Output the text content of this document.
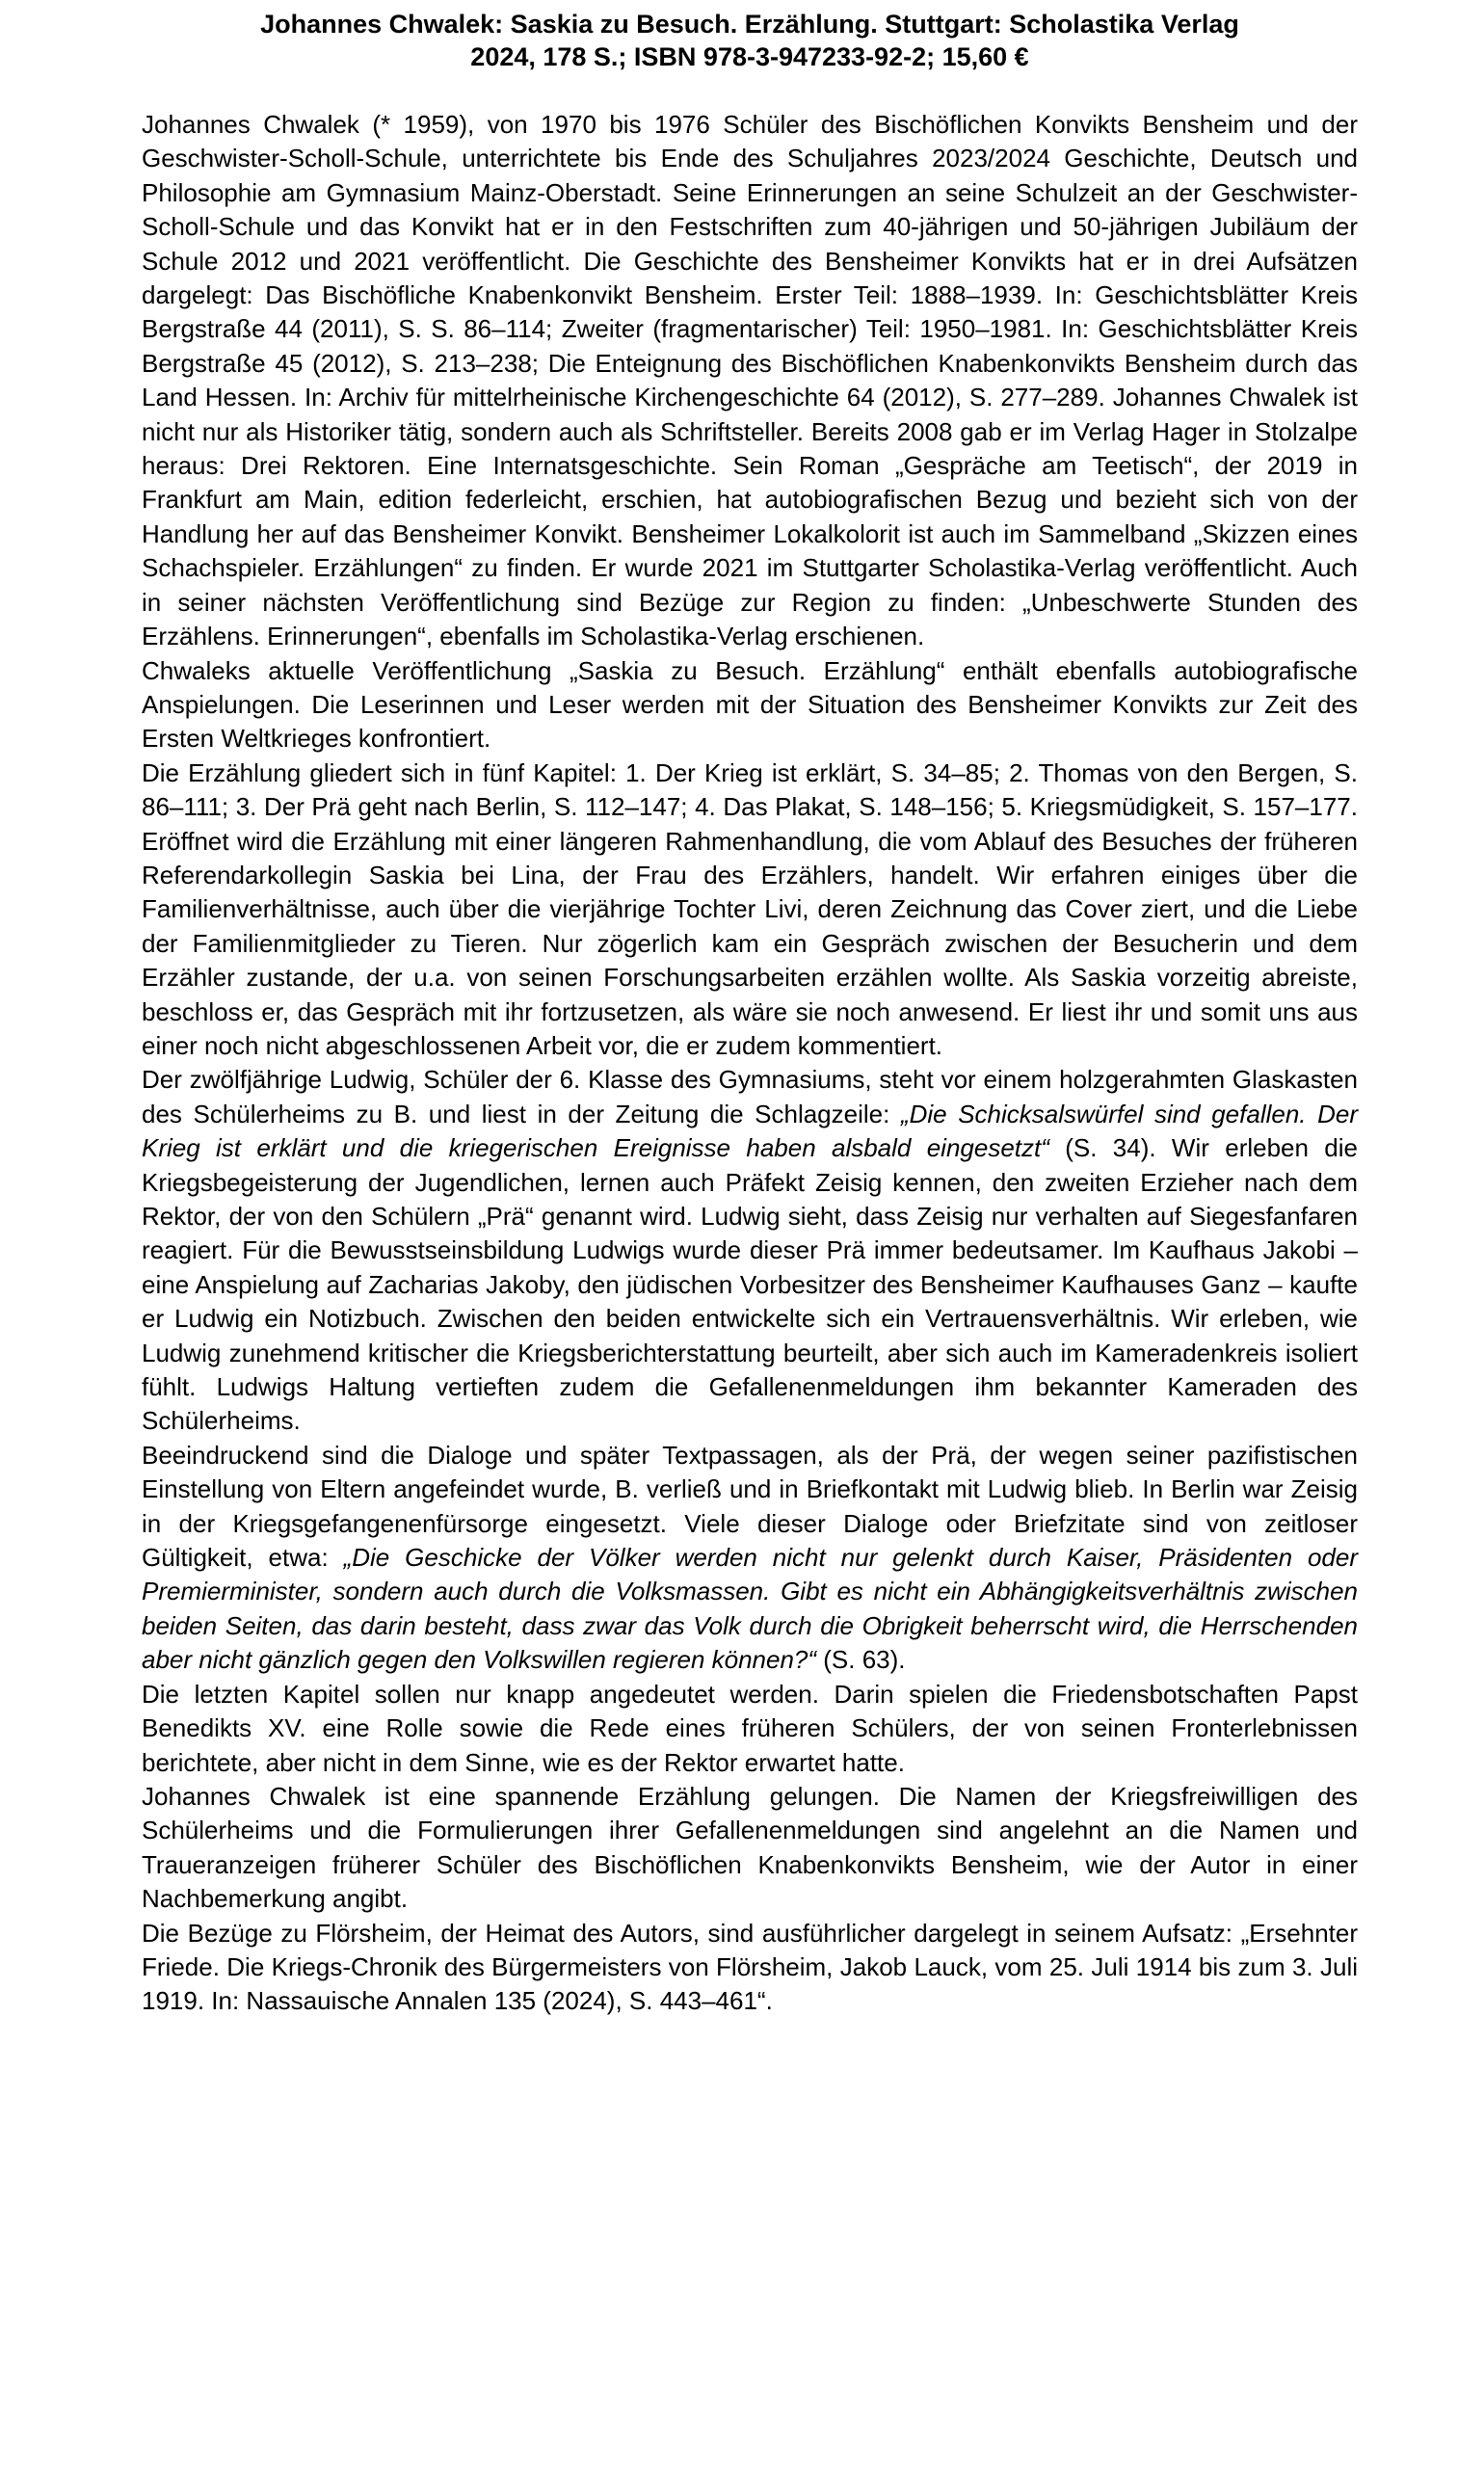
Johannes Chwalek: Saskia zu Besuch. Erzählung. Stuttgart: Scholastika Verlag
2024, 178 S.; ISBN 978-3-947233-92-2; 15,60 €

Johannes Chwalek (* 1959), von 1970 bis 1976 Schüler des Bischöflichen Konvikts Bensheim und der Geschwister-Scholl-Schule, unterrichtete bis Ende des Schuljahres 2023/2024 Geschichte, Deutsch und Philosophie am Gymnasium Mainz-Oberstadt. Seine Erinnerungen an seine Schulzeit an der Geschwister-Scholl-Schule und das Konvikt hat er in den Festschriften zum 40-jährigen und 50-jährigen Jubiläum der Schule 2012 und 2021 veröffentlicht. Die Geschichte des Bensheimer Konvikts hat er in drei Aufsätzen dargelegt: Das Bischöfliche Knabenkonvikt Bensheim. Erster Teil: 1888–1939. In: Geschichtsblätter Kreis Bergstraße 44 (2011), S. S. 86–114; Zweiter (fragmentarischer) Teil: 1950–1981. In: Geschichtsblätter Kreis Bergstraße 45 (2012), S. 213–238; Die Enteignung des Bischöflichen Knabenkonvikts Bensheim durch das Land Hessen. In: Archiv für mittelrheinische Kirchengeschichte 64 (2012), S. 277–289. Johannes Chwalek ist nicht nur als Historiker tätig, sondern auch als Schriftsteller. Bereits 2008 gab er im Verlag Hager in Stolzalpe heraus: Drei Rektoren. Eine Internatsgeschichte. Sein Roman „Gespräche am Teetisch“, der 2019 in Frankfurt am Main, edition federleicht, erschien, hat autobiografischen Bezug und bezieht sich von der Handlung her auf das Bensheimer Konvikt. Bensheimer Lokalkolorit ist auch im Sammelband „Skizzen eines Schachspieler. Erzählungen“ zu finden. Er wurde 2021 im Stuttgarter Scholastika-Verlag veröffentlicht. Auch in seiner nächsten Veröffentlichung sind Bezüge zur Region zu finden: „Unbeschwerte Stunden des Erzählens. Erinnerungen“, ebenfalls im Scholastika-Verlag erschienen.

Chwaleks aktuelle Veröffentlichung „Saskia zu Besuch. Erzählung“ enthält ebenfalls autobiografische Anspielungen. Die Leserinnen und Leser werden mit der Situation des Bensheimer Konvikts zur Zeit des Ersten Weltkrieges konfrontiert.

Die Erzählung gliedert sich in fünf Kapitel: 1. Der Krieg ist erklärt, S. 34–85; 2. Thomas von den Bergen, S. 86–111; 3. Der Prä geht nach Berlin, S. 112–147; 4. Das Plakat, S. 148–156; 5. Kriegsmüdigkeit, S. 157–177. Eröffnet wird die Erzählung mit einer längeren Rahmenhandlung, die vom Ablauf des Besuches der früheren Referendarkollegin Saskia bei Lina, der Frau des Erzählers, handelt. Wir erfahren einiges über die Familienverhältnisse, auch über die vierjährige Tochter Livi, deren Zeichnung das Cover ziert, und die Liebe der Familienmitglieder zu Tieren. Nur zögerlich kam ein Gespräch zwischen der Besucherin und dem Erzähler zustande, der u.a. von seinen Forschungsarbeiten erzählen wollte. Als Saskia vorzeitig abreiste, beschloss er, das Gespräch mit ihr fortzusetzen, als wäre sie noch anwesend. Er liest ihr und somit uns aus einer noch nicht abgeschlossenen Arbeit vor, die er zudem kommentiert.

Der zwölfjährige Ludwig, Schüler der 6. Klasse des Gymnasiums, steht vor einem holzgerahmten Glaskasten des Schülerheims zu B. und liest in der Zeitung die Schlagzeile: „Die Schicksalswürfel sind gefallen. Der Krieg ist erklärt und die kriegerischen Ereignisse haben alsbald eingesetzt“ (S. 34). Wir erleben die Kriegsbegeisterung der Jugendlichen, lernen auch Präfekt Zeisig kennen, den zweiten Erzieher nach dem Rektor, der von den Schülern „Prä“ genannt wird. Ludwig sieht, dass Zeisig nur verhalten auf Siegesfanfaren reagiert. Für die Bewusstseinsbildung Ludwigs wurde dieser Prä immer bedeutsamer. Im Kaufhaus Jakobi – eine Anspielung auf Zacharias Jakoby, den jüdischen Vorbesitzer des Bensheimer Kaufhauses Ganz – kaufte er Ludwig ein Notizbuch. Zwischen den beiden entwickelte sich ein Vertrauensverhältnis. Wir erleben, wie Ludwig zunehmend kritischer die Kriegsberichterstattung beurteilt, aber sich auch im Kameradenkreis isoliert fühlt. Ludwigs Haltung vertieften zudem die Gefallenenmeldungen ihm bekannter Kameraden des Schülerheims.

Beeindruckend sind die Dialoge und später Textpassagen, als der Prä, der wegen seiner pazifistischen Einstellung von Eltern angefeindet wurde, B. verließ und in Briefkontakt mit Ludwig blieb. In Berlin war Zeisig in der Kriegsgefangenenfürsorge eingesetzt. Viele dieser Dialoge oder Briefzitate sind von zeitloser Gültigkeit, etwa: „Die Geschicke der Völker werden nicht nur gelenkt durch Kaiser, Präsidenten oder Premierminister, sondern auch durch die Volksmassen. Gibt es nicht ein Abhängigkeitsverhältnis zwischen beiden Seiten, das darin besteht, dass zwar das Volk durch die Obrigkeit beherrscht wird, die Herrschenden aber nicht gänzlich gegen den Volkswillen regieren können?“ (S. 63).

Die letzten Kapitel sollen nur knapp angedeutet werden. Darin spielen die Friedensbotschaften Papst Benedikts XV. eine Rolle sowie die Rede eines früheren Schülers, der von seinen Fronterlebnissen berichtete, aber nicht in dem Sinne, wie es der Rektor erwartet hatte.

Johannes Chwalek ist eine spannende Erzählung gelungen. Die Namen der Kriegsfreiwilligen des Schülerheims und die Formulierungen ihrer Gefallenenmeldungen sind angelehnt an die Namen und Traueranzeigen früherer Schüler des Bischöflichen Knabenkonvikts Bensheim, wie der Autor in einer Nachbemerkung angibt.

Die Bezüge zu Flörsheim, der Heimat des Autors, sind ausführlicher dargelegt in seinem Aufsatz: „Ersehnter Friede. Die Kriegs-Chronik des Bürgermeisters von Flörsheim, Jakob Lauck, vom 25. Juli 1914 bis zum 3. Juli 1919. In: Nassauische Annalen 135 (2024), S. 443–461“.
